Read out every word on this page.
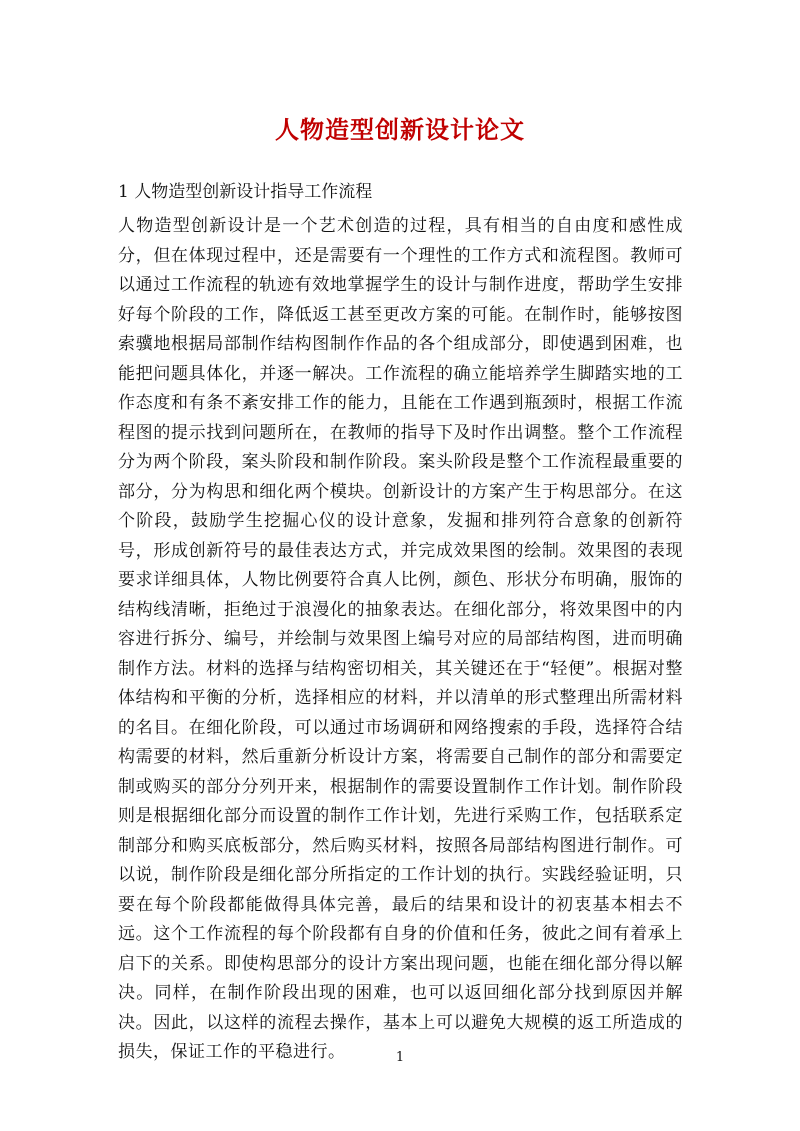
人物造型创新设计论文
1 人物造型创新设计指导工作流程
人物造型创新设计是一个艺术创造的过程，具有相当的自由度和感性成分，但在体现过程中，还是需要有一个理性的工作方式和流程图。教师可以通过工作流程的轨迹有效地掌握学生的设计与制作进度，帮助学生安排好每个阶段的工作，降低返工甚至更改方案的可能。在制作时，能够按图索骥地根据局部制作结构图制作作品的各个组成部分，即使遇到困难，也能把问题具体化，并逐一解决。工作流程的确立能培养学生脚踏实地的工作态度和有条不紊安排工作的能力，且能在工作遇到瓶颈时，根据工作流程图的提示找到问题所在，在教师的指导下及时作出调整。整个工作流程分为两个阶段，案头阶段和制作阶段。案头阶段是整个工作流程最重要的部分，分为构思和细化两个模块。创新设计的方案产生于构思部分。在这个阶段，鼓励学生挖掘心仪的设计意象，发掘和排列符合意象的创新符号，形成创新符号的最佳表达方式，并完成效果图的绘制。效果图的表现要求详细具体，人物比例要符合真人比例，颜色、形状分布明确，服饰的结构线清晰，拒绝过于浪漫化的抽象表达。在细化部分，将效果图中的内容进行拆分、编号，并绘制与效果图上编号对应的局部结构图，进而明确制作方法。材料的选择与结构密切相关，其关键还在于“轻便”。根据对整体结构和平衡的分析，选择相应的材料，并以清单的形式整理出所需材料的名目。在细化阶段，可以通过市场调研和网络搜索的手段，选择符合结构需要的材料，然后重新分析设计方案，将需要自己制作的部分和需要定制或购买的部分分列开来，根据制作的需要设置制作工作计划。制作阶段则是根据细化部分而设置的制作工作计划，先进行采购工作，包括联系定制部分和购买底板部分，然后购买材料，按照各局部结构图进行制作。可以说，制作阶段是细化部分所指定的工作计划的执行。实践经验证明，只要在每个阶段都能做得具体完善，最后的结果和设计的初衷基本相去不远。这个工作流程的每个阶段都有自身的价值和任务，彼此之间有着承上启下的关系。即使构思部分的设计方案出现问题，也能在细化部分得以解决。同样，在制作阶段出现的困难，也可以返回细化部分找到原因并解决。因此，以这样的流程去操作，基本上可以避免大规模的返工所造成的损失，保证工作的平稳进行。	1
